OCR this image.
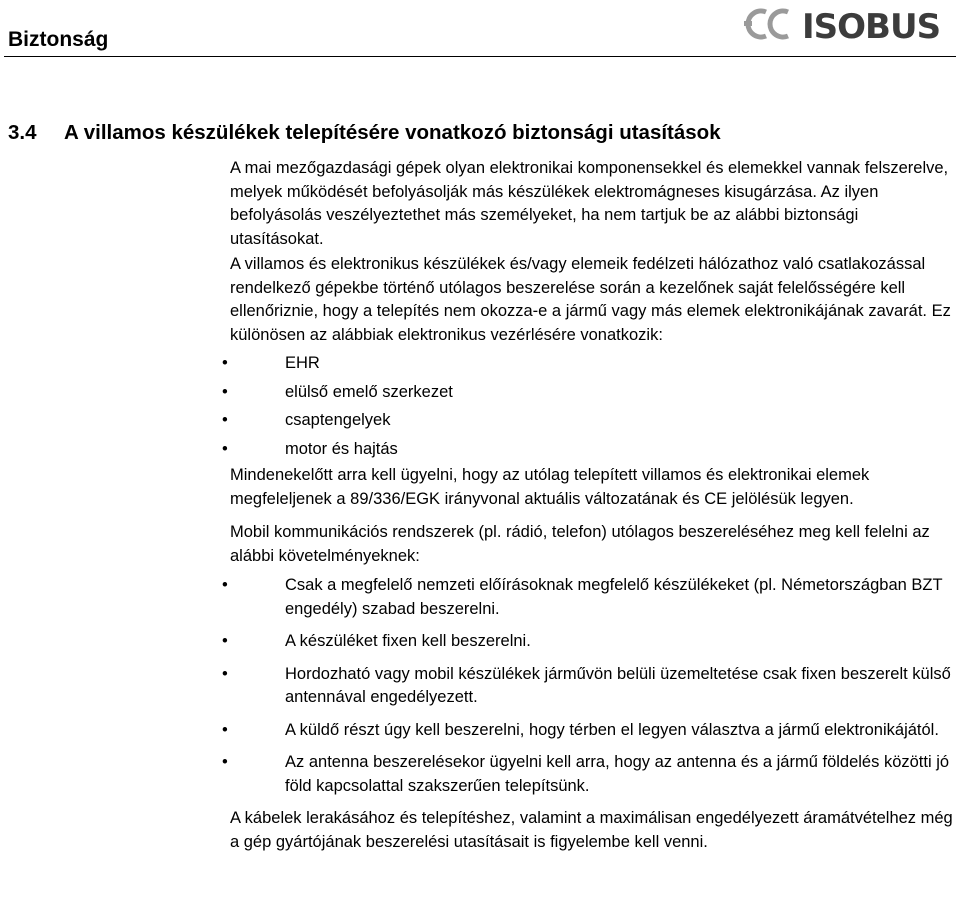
Biztonság	ISOBUS
3.4 A villamos készülékek telepítésére vonatkozó biztonsági utasítások

A mai mezőgazdasági gépek olyan elektronikai komponensekkel és elemekkel vannak felszerelve, melyek működését befolyásolják más készülékek elektromágneses kisugárzása. Az ilyen befolyásolás veszélyeztethet más személyeket, ha nem tartjuk be az alábbi biztonsági utasításokat.

A villamos és elektronikus készülékek és/vagy elemeik fedélzeti hálózathoz való csatlakozással rendelkező gépekbe történő utólagos beszerelése során a kezelőnek saját felelősségére kell ellenőriznie, hogy a telepítés nem okozza-e a jármű vagy más elemek elektronikájának zavarát. Ez különösen az alábbiak elektronikus vezérlésére vonatkozik:

•	EHR
•	elülső emelő szerkezet
•	csaptengelyek
•	motor és hajtás

Mindenekelőtt arra kell ügyelni, hogy az utólag telepített villamos és elektronikai elemek megfeleljenek a 89/336/EGK irányvonal aktuális változatának és CE jelölésük legyen.

Mobil kommunikációs rendszerek (pl. rádió, telefon) utólagos beszereléséhez meg kell felelni az alábbi követelményeknek:

•	Csak a megfelelő nemzeti előírásoknak megfelelő készülékeket (pl. Németországban BZT engedély) szabad beszerelni.
•	A készüléket fixen kell beszerelni.
•	Hordozható vagy mobil készülékek járművön belüli üzemeltetése csak fixen beszerelt külső antennával engedélyezett.
•	A küldő részt úgy kell beszerelni, hogy térben el legyen választva a jármű elektronikájától.
•	Az antenna beszerelésekor ügyelni kell arra, hogy az antenna és a jármű földelés közötti jó föld kapcsolattal szakszerűen telepítsünk.

A kábelek lerakásához és telepítéshez, valamint a maximálisan engedélyezett áramátvételhez még a gép gyártójának beszerelési utasításait is figyelembe kell venni.
